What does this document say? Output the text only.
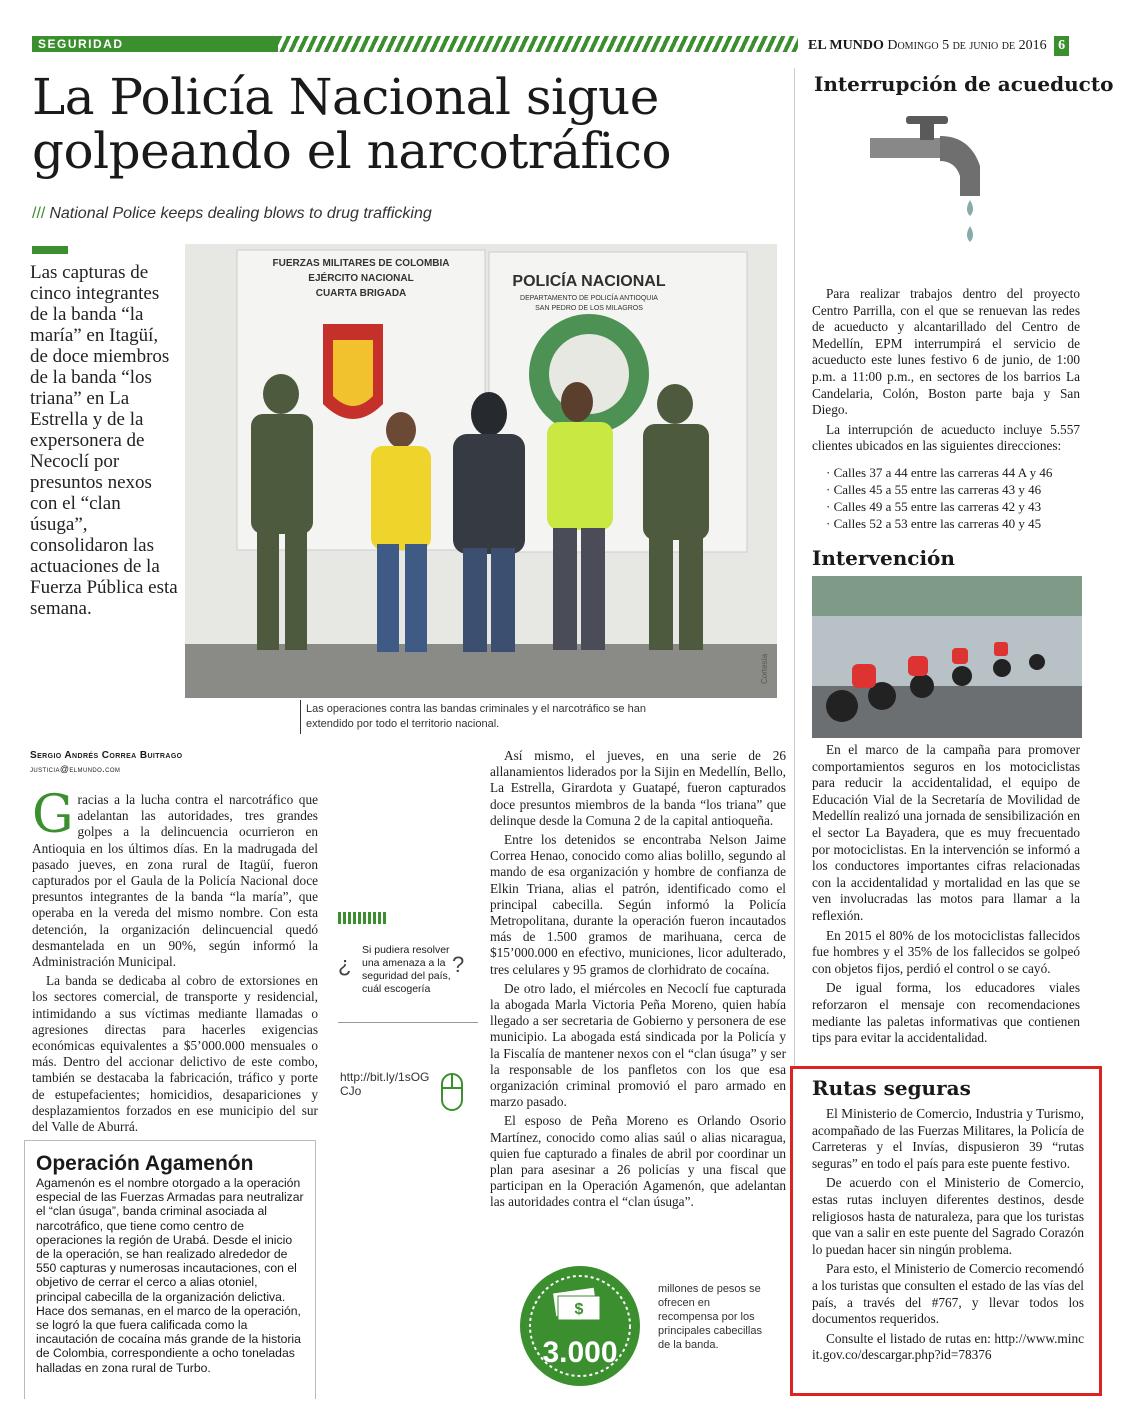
SEGURIDAD	EL MUNDO Domingo 5 de junio de 2016 6
La Policía Nacional sigue golpeando el narcotráfico
/// National Police keeps dealing blows to drug trafficking
Las capturas de cinco integrantes de la banda “la maría” en Itagüí, de doce miembros de la banda “los triana” en La Estrella y de la expersonera de Necoclí por presuntos nexos con el “clan úsuga”, consolidaron las actuaciones de la Fuerza Pública esta semana.
FUERZAS MILITARES DE COLOMBIA
EJÉRCITO NACIONAL
CUARTA BRIGADA
POLICÍA NACIONAL
DEPARTAMENTO DE POLICÍA ANTIOQUIA
SAN PEDRO DE LOS MILAGROS
Cortesía
Las operaciones contra las bandas criminales y el narcotráfico se han extendido por todo el territorio nacional.
Sergio Andrés Correa Buitrago
justicia@elmundo.com

Gracias a la lucha contra el narcotráfico que adelantan las autoridades, tres grandes golpes a la delincuencia ocurrieron en Antioquia en los últimos días. En la madrugada del pasado jueves, en zona rural de Itagüí, fueron capturados por el Gaula de la Policía Nacional doce presuntos integrantes de la banda “la maría”, que operaba en la vereda del mismo nombre. Con esta detención, la organización delincuencial quedó desmantelada en un 90%, según informó la Administración Municipal.

La banda se dedicaba al cobro de extorsiones en los sectores comercial, de transporte y residencial, intimidando a sus víctimas mediante llamadas o agresiones directas para hacerles exigencias económicas equivalentes a $5’000.000 mensuales o más. Dentro del accionar delictivo de este combo, también se destacaba la fabricación, tráfico y porte de estupefacientes; homicidios, desapariciones y desplazamientos forzados en ese municipio del sur del Valle de Aburrá.

¿
Si pudiera resolver una amenaza a la seguridad del país, cuál escogería
?
http://bit.ly/1sOGCJo

Así mismo, el jueves, en una serie de 26 allanamientos liderados por la Sijin en Medellín, Bello, La Estrella, Girardota y Guatapé, fueron capturados doce presuntos miembros de la banda “los triana” que delinque desde la Comuna 2 de la capital antioqueña.

Entre los detenidos se encontraba Nelson Jaime Correa Henao, conocido como alias bolillo, segundo al mando de esa organización y hombre de confianza de Elkin Triana, alias el patrón, identificado como el principal cabecilla. Según informó la Policía Metropolitana, durante la operación fueron incautados más de 1.500 gramos de marihuana, cerca de $15’000.000 en efectivo, municiones, licor adulterado, tres celulares y 95 gramos de clorhidrato de cocaína.

De otro lado, el miércoles en Necoclí fue capturada la abogada Marla Victoria Peña Moreno, quien había llegado a ser secretaria de Gobierno y personera de ese municipio. La abogada está sindicada por la Policía y la Fiscalía de mantener nexos con el “clan úsuga” y ser la responsable de los panfletos con los que esa organización criminal promovió el paro armado en marzo pasado.

El esposo de Peña Moreno es Orlando Osorio Martínez, conocido como alias saúl o alias nicaragua, quien fue capturado a finales de abril por coordinar un plan para asesinar a 26 policías y una fiscal que participan en la Operación Agamenón, que adelantan las autoridades contra el “clan úsuga”.

Operación Agamenón

Agamenón es el nombre otorgado a la operación especial de las Fuerzas Armadas para neutralizar el “clan úsuga”, banda criminal asociada al narcotráfico, que tiene como centro de operaciones la región de Urabá. Desde el inicio de la operación, se han realizado alrededor de 550 capturas y numerosas incautaciones, con el objetivo de cerrar el cerco a alias otoniel, principal cabecilla de la organización delictiva.

Hace dos semanas, en el marco de la operación, se logró la que fuera calificada como la incautación de cocaína más grande de la historia de Colombia, correspondiente a ocho toneladas halladas en zona rural de Turbo.

$
3.000
millones de pesos se ofrecen en recompensa por los principales cabecillas de la banda.
Interrupción de acueducto

Para realizar trabajos dentro del proyecto Centro Parrilla, con el que se renuevan las redes de acueducto y alcantarillado del Centro de Medellín, EPM interrumpirá el servicio de acueducto este lunes festivo 6 de junio, de 1:00 p.m. a 11:00 p.m., en sectores de los barrios La Candelaria, Colón, Boston parte baja y San Diego.

La interrupción de acueducto incluye 5.557 clientes ubicados en las siguientes direcciones:

· Calles 37 a 44 entre las carreras 44 A y 46
· Calles 45 a 55 entre las carreras 43 y 46
· Calles 49 a 55 entre las carreras 42 y 43
· Calles 52 a 53 entre las carreras 40 y 45
Intervención

En el marco de la campaña para promover comportamientos seguros en los motociclistas para reducir la accidentalidad, el equipo de Educación Vial de la Secretaría de Movilidad de Medellín realizó una jornada de sensibilización en el sector La Bayadera, que es muy frecuentado por motociclistas. En la intervención se informó a los conductores importantes cifras relacionadas con la accidentalidad y mortalidad en las que se ven involucradas las motos para llamar a la reflexión.

En 2015 el 80% de los motociclistas fallecidos fue hombres y el 35% de los fallecidos se golpeó con objetos fijos, perdió el control o se cayó.

De igual forma, los educadores viales reforzaron el mensaje con recomendaciones mediante las paletas informativas que contienen tips para evitar la accidentalidad.

Rutas seguras

El Ministerio de Comercio, Industria y Turismo, acompañado de las Fuerzas Militares, la Policía de Carreteras y el Invías, dispusieron 39 “rutas seguras” en todo el país para este puente festivo.

De acuerdo con el Ministerio de Comercio, estas rutas incluyen diferentes destinos, desde religiosos hasta de naturaleza, para que los turistas que van a salir en este puente del Sagrado Corazón lo puedan hacer sin ningún problema.

Para esto, el Ministerio de Comercio recomendó a los turistas que consulten el estado de las vías del país, a través del #767, y llevar todos los documentos requeridos.

Consulte el listado de rutas en: http://www.mincit.gov.co/descargar.php?id=78376
